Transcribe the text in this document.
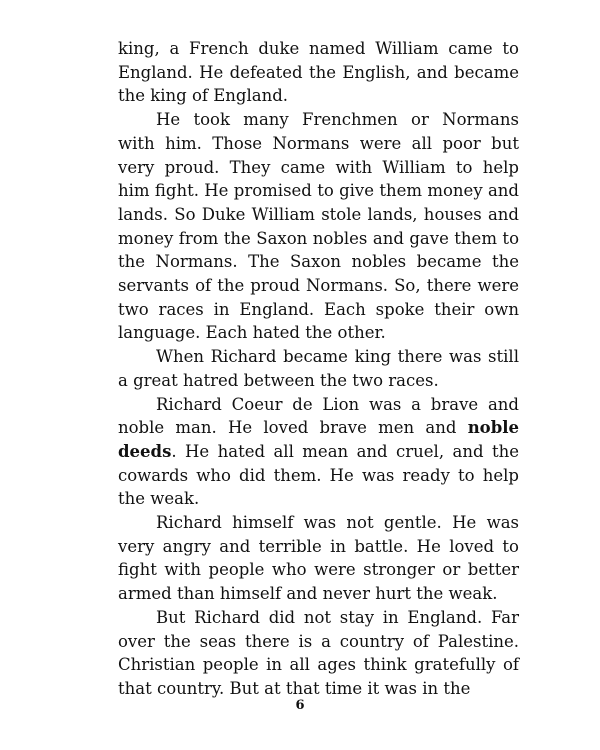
king, a French duke named William came to England. He defeated the English, and became the king of England.

He took many Frenchmen or Normans with him. Those Normans were all poor but very proud. They came with William to help him fight. He promised to give them money and lands. So Duke William stole lands, houses and money from the Saxon nobles and gave them to the Normans. The Saxon nobles became the servants of the proud Normans. So, there were two races in England. Each spoke their own language. Each hated the other.

When Richard became king there was still a great hatred between the two races.

Richard Coeur de Lion was a brave and noble man. He loved brave men and noble deeds. He hated all mean and cruel, and the cowards who did them. He was ready to help the weak.

Richard himself was not gentle. He was very angry and terrible in battle. He loved to fight with people who were stronger or better armed than himself and never hurt the weak.

But Richard did not stay in England. Far over the seas there is a country of Palestine. Christian people in all ages think gratefully of that country. But at that time it was in the

6
